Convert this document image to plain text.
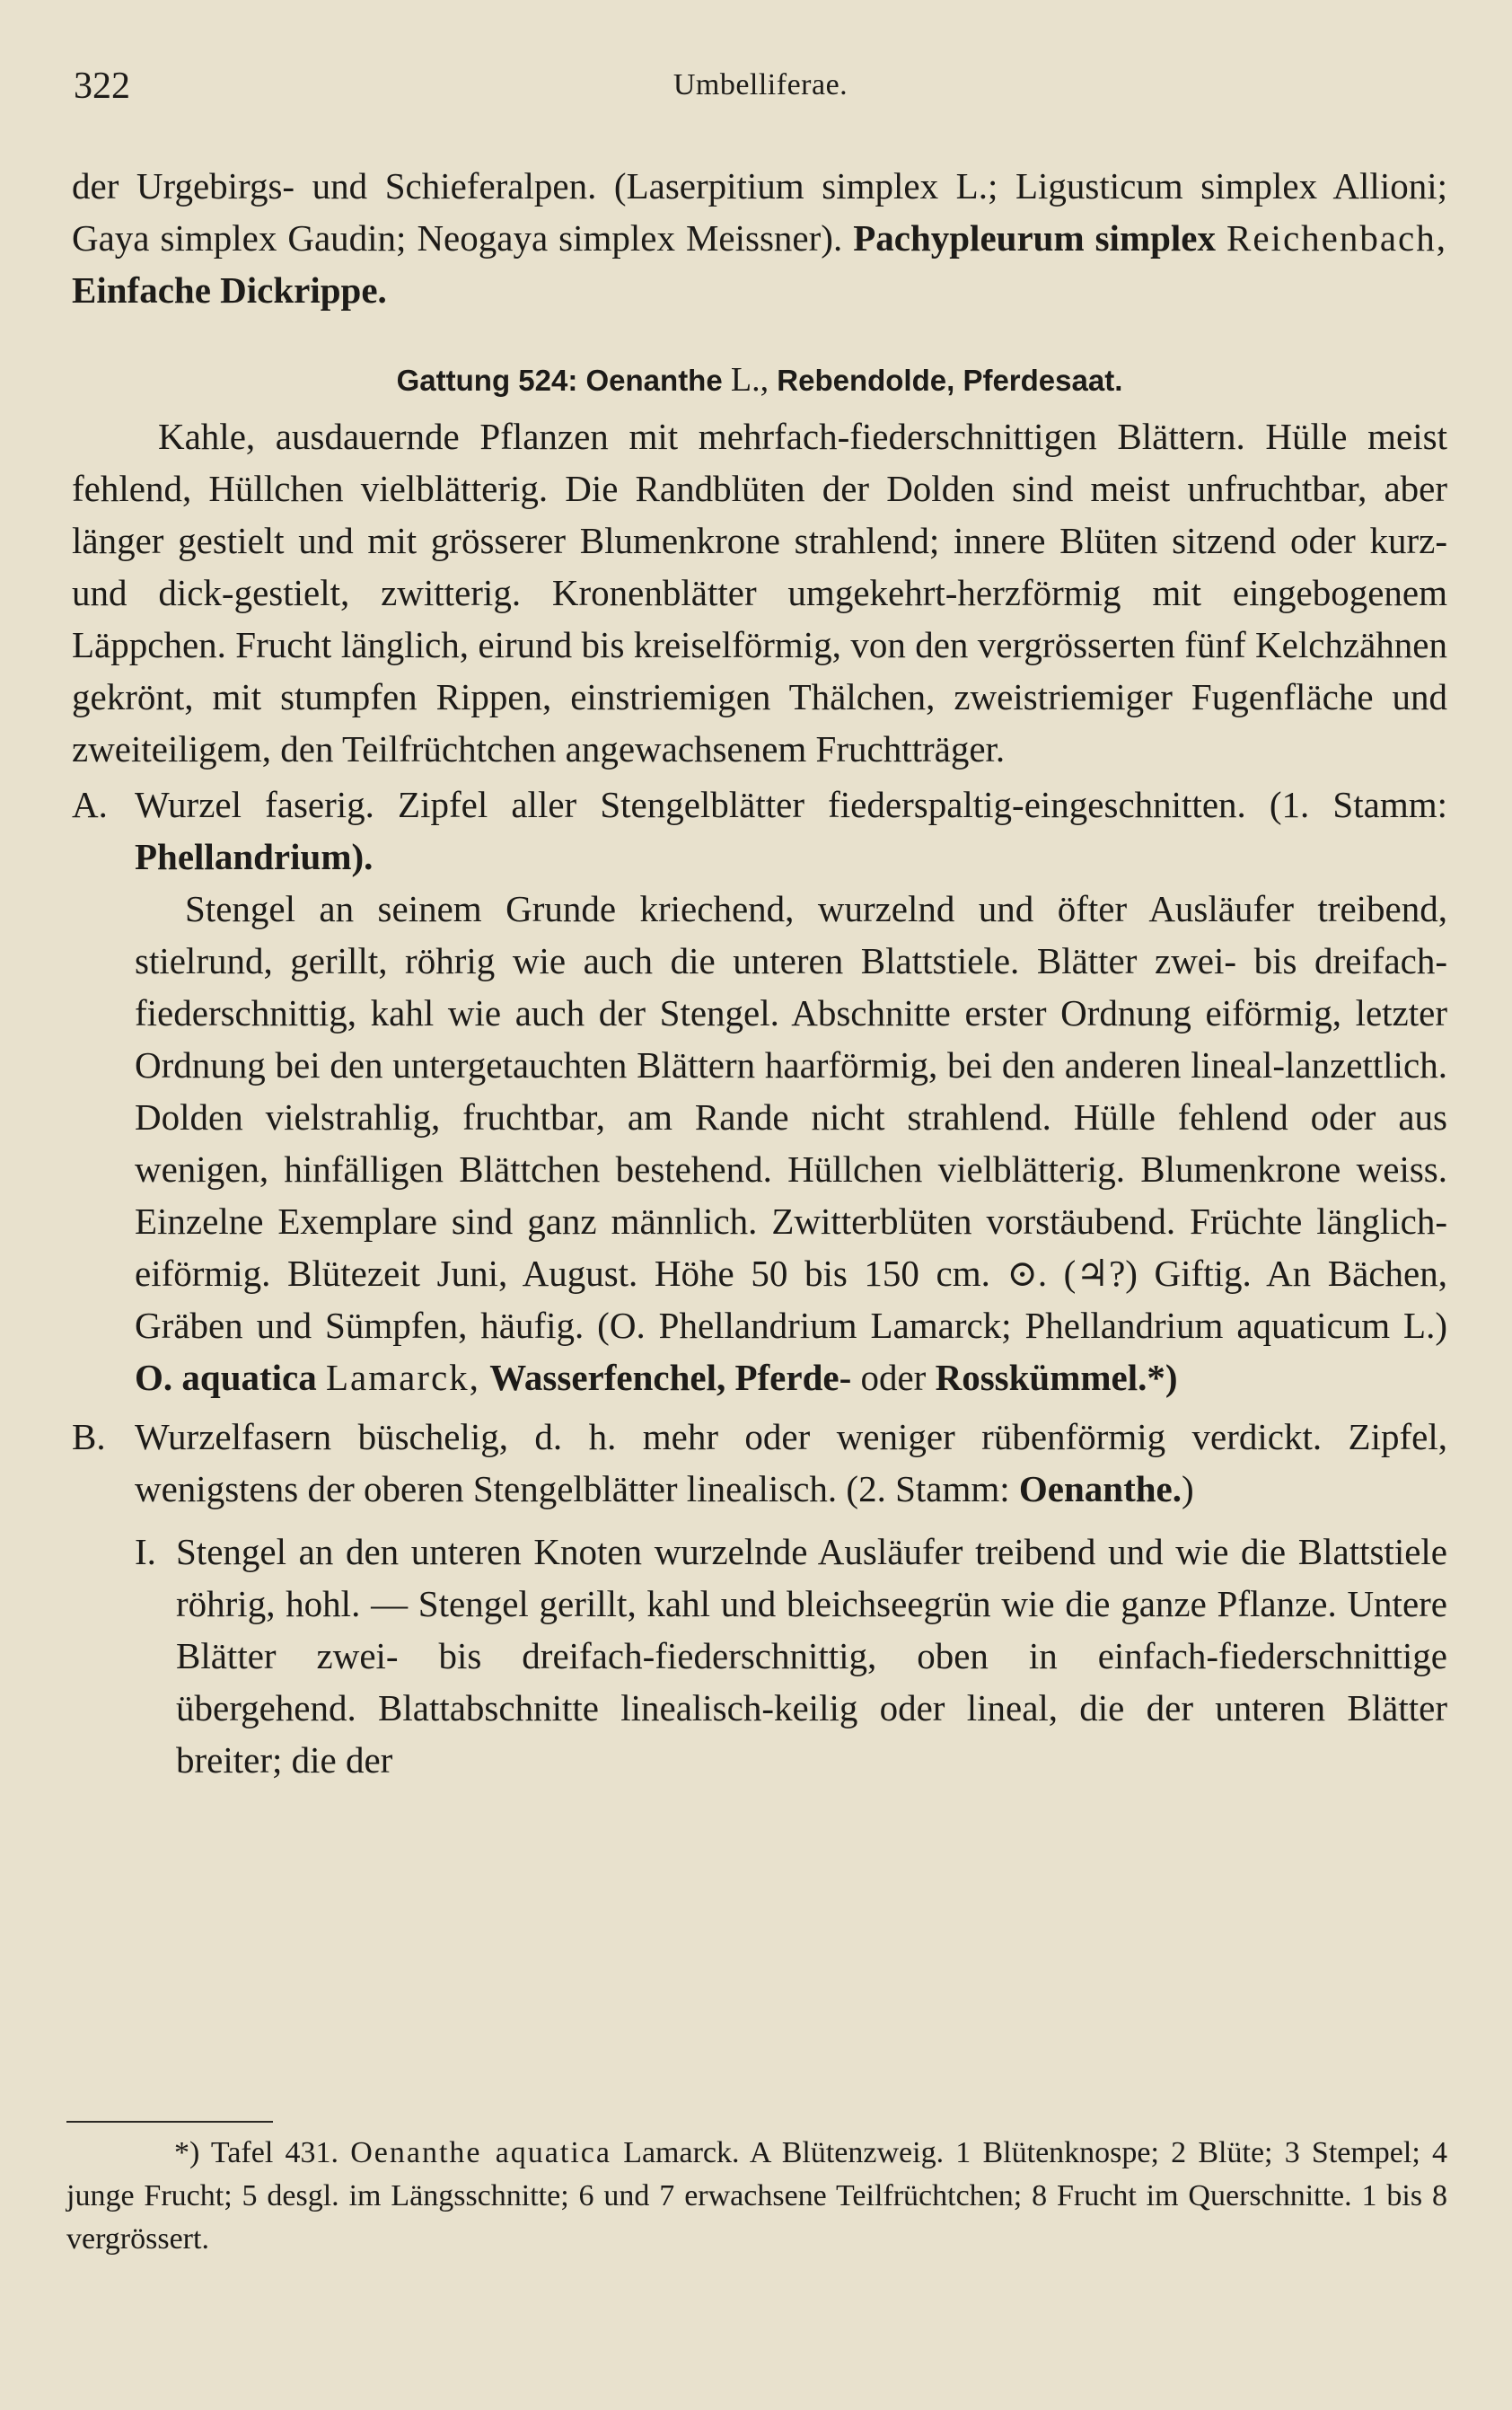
322	Umbelliferae.

der Urgebirgs- und Schieferalpen. (Laserpitium simplex L.; Ligusticum simplex Allioni; Gaya simplex Gaudin; Neogaya simplex Meissner). Pachypleurum simplex Reichenbach, Einfache Dickrippe.

Gattung 524: Oenanthe L., Rebendolde, Pferdesaat.

Kahle, ausdauernde Pflanzen mit mehrfach-fiederschnittigen Blättern. Hülle meist fehlend, Hüllchen vielblätterig. Die Randblüten der Dolden sind meist unfruchtbar, aber länger gestielt und mit grösserer Blumenkrone strahlend; innere Blüten sitzend oder kurz- und dick-gestielt, zwitterig. Kronenblätter umgekehrt-herzförmig mit eingebogenem Läppchen. Frucht länglich, eirund bis kreiselförmig, von den vergrösserten fünf Kelchzähnen gekrönt, mit stumpfen Rippen, einstriemigen Thälchen, zweistriemiger Fugenfläche und zweiteiligem, den Teilfrüchtchen angewachsenem Fruchtträger.

A. Wurzel faserig. Zipfel aller Stengelblätter fiederspaltig-eingeschnitten. (1. Stamm: Phellandrium).

Stengel an seinem Grunde kriechend, wurzelnd und öfter Ausläufer treibend, stielrund, gerillt, röhrig wie auch die unteren Blattstiele. Blätter zwei- bis dreifach-fiederschnittig, kahl wie auch der Stengel. Abschnitte erster Ordnung eiförmig, letzter Ordnung bei den untergetauchten Blättern haarförmig, bei den anderen lineal-lanzettlich. Dolden vielstrahlig, fruchtbar, am Rande nicht strahlend. Hülle fehlend oder aus wenigen, hinfälligen Blättchen bestehend. Hüllchen vielblätterig. Blumenkrone weiss. Einzelne Exemplare sind ganz männlich. Zwitterblüten vorstäubend. Früchte länglich-eiförmig. Blütezeit Juni, August. Höhe 50 bis 150 cm. ⊙. (♃?) Giftig. An Bächen, Gräben und Sümpfen, häufig. (O. Phellandrium Lamarck; Phellandrium aquaticum L.) O. aquatica Lamarck, Wasserfenchel, Pferde- oder Rosskümmel.*)

B. Wurzelfasern büschelig, d. h. mehr oder weniger rübenförmig verdickt. Zipfel, wenigstens der oberen Stengelblätter linealisch. (2. Stamm: Oenanthe.)

I. Stengel an den unteren Knoten wurzelnde Ausläufer treibend und wie die Blattstiele röhrig, hohl. — Stengel gerillt, kahl und bleichseegrün wie die ganze Pflanze. Untere Blätter zwei- bis dreifach-fiederschnittig, oben in einfach-fiederschnittige übergehend. Blattabschnitte linealisch-keilig oder lineal, die der unteren Blätter breiter; die der

*) Tafel 431. Oenanthe aquatica Lamarck. A Blütenzweig. 1 Blütenknospe; 2 Blüte; 3 Stempel; 4 junge Frucht; 5 desgl. im Längsschnitte; 6 und 7 erwachsene Teilfrüchtchen; 8 Frucht im Querschnitte. 1 bis 8 vergrössert.
